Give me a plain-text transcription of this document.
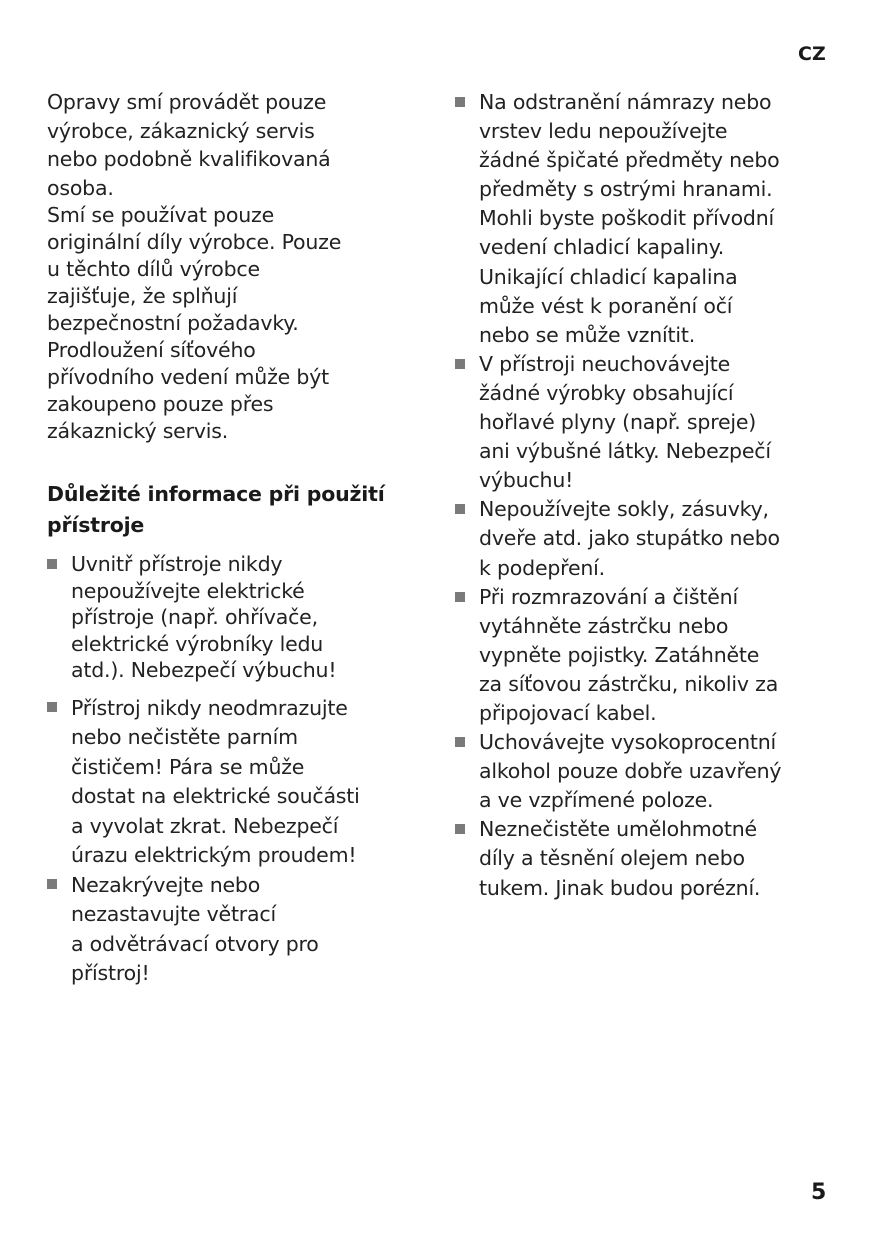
CZ

Opravy smí provádět pouze
výrobce, zákaznický servis
nebo podobně kvalifikovaná
osoba.

Smí se používat pouze
originální díly výrobce. Pouze
u těchto dílů výrobce
zajišťuje, že splňují
bezpečnostní požadavky.
Prodloužení síťového
přívodního vedení může být
zakoupeno pouze přes
zákaznický servis.

Důležité informace při použití
přístroje
Uvnitř přístroje nikdy
nepoužívejte elektrické
přístroje (např. ohřívače,
elektrické výrobníky ledu
atd.). Nebezpečí výbuchu!
Přístroj nikdy neodmrazujte
nebo nečistěte parním
čističem! Pára se může
dostat na elektrické součásti
a vyvolat zkrat. Nebezpečí
úrazu elektrickým proudem!
Nezakrývejte nebo
nezastavujte větrací
a odvětrávací otvory pro
přístroj!
Na odstranění námrazy nebo
vrstev ledu nepoužívejte
žádné špičaté předměty nebo
předměty s ostrými hranami.
Mohli byste poškodit přívodní
vedení chladicí kapaliny.
Unikající chladicí kapalina
může vést k poranění očí
nebo se může vznítit.
V přístroji neuchovávejte
žádné výrobky obsahující
hořlavé plyny (např. spreje)
ani výbušné látky. Nebezpečí
výbuchu!
Nepoužívejte sokly, zásuvky,
dveře atd. jako stupátko nebo
k podepření.
Při rozmrazování a čištění
vytáhněte zástrčku nebo
vypněte pojistky. Zatáhněte
za síťovou zástrčku, nikoliv za
připojovací kabel.
Uchovávejte vysokoprocentní
alkohol pouze dobře uzavřený
a ve vzpřímené poloze.
Neznečistěte umělohmotné
díly a těsnění olejem nebo
tukem. Jinak budou porézní.
5
